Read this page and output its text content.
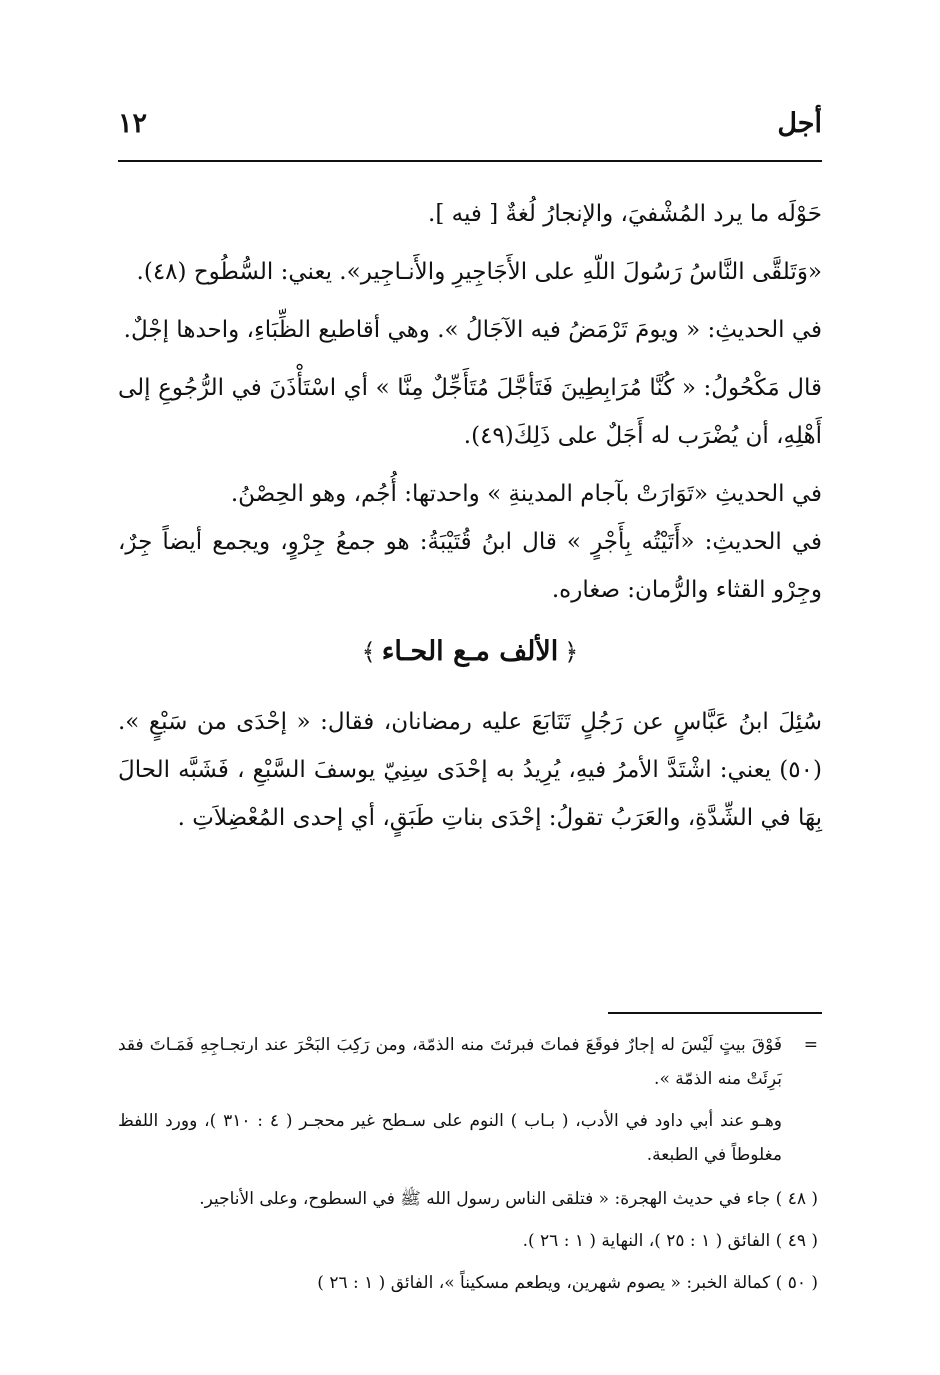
أجل
١٢

حَوْلَه ما يرد المُشْفيَ، والإنجارُ لُغةٌ [ فيه ].

«وَتَلقَّى النَّاسُ رَسُولَ اللّهِ على الأَجَاجِيرِ والأَنـاجِير». يعني: السُّطُوح (٤٨).

في الحديثِ: « ويومَ تَرْمَضُ فيه الآجَالُ ». وهي أقاطيع الظِّبَاءِ، واحدها إجْلٌ.

قال مَكْحُولُ: « كُنَّا مُرَابِطِينَ فَتَأجَّلَ مُتَأَجِّلٌ مِنَّا » أي اسْتَأْذَنَ في الرُّجُوعِ إلى أَهْلِهِ، أن يُضْرَب له أَجَلٌ على ذَلِكَ(٤٩).

في الحديثِ «تَوَارَتْ بآجام المدينةِ » واحدتها: أُجُم، وهو الحِصْنُ.

في الحديثِ: «أَتَيْتُه بِأَجْرٍ » قال ابنُ قُتَيْبَةُ: هو جمعُ جِرْوٍ، ويجمع أيضاً جِرٌ، وجِرْو القثاء والرُّمان: صغاره.

﴿الألف مـع الحـاء﴾

سُئِلَ ابنُ عَبَّاسٍ عن رَجُلٍ تَتَابَعَ عليه رمضانان، فقال: « إحْدَى من سَبْعٍ ».(٥٠) يعني: اشْتَدَّ الأمرُ فيهِ، يُرِيدُ به إحْدَى سِنِيّ يوسفَ السَّبْعِ ، فَشَبَّه الحالَ بِهَا في الشِّدَّةِ، والعَرَبُ تقولُ: إحْدَى بناتِ طَبَقٍ، أي إحدى المُعْضِلاَتِ .

=
فَوْقَ بيتٍ لَيْسَ له إجارٌ فوقَعَ فماتَ فبرئتَ منه الذمّة، ومن رَكِبَ البَحْرَ عند ارتجـاجِهِ فَمَـاتَ فقد بَرِئَتْ منه الذمّة ».

وهـو عند أبي داود في الأدب، ( بـاب ) النوم على سـطح غير محجـر ( ٤ : ٣١٠ )، وورد اللفظ مغلوطاً في الطبعة.

( ٤٨ ) جاء في حديث الهجرة: « فتلقى الناس رسول الله ﷺ في السطوح، وعلى الأناجير.

( ٤٩ ) الفائق ( ١ : ٢٥ )، النهاية ( ١ : ٢٦ ).

( ٥٠ ) كمالة الخبر: « يصوم شهرين، ويطعم مسكيناً »، الفائق ( ١ : ٢٦ )
